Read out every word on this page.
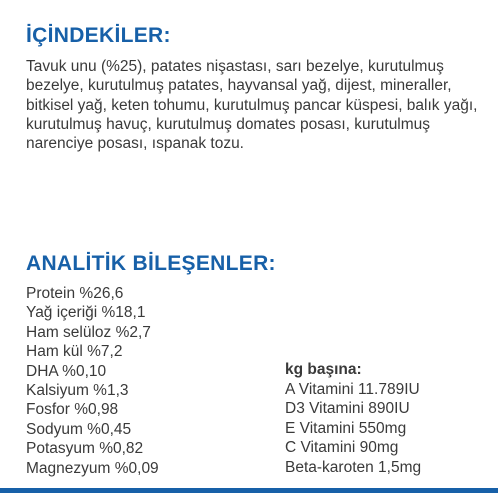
İÇİNDEKİLER:

Tavuk unu (%25), patates nişastası, sarı bezelye, kurutulmuş bezelye, kurutulmuş patates, hayvansal yağ, dijest, mineraller, bitkisel yağ, keten tohumu, kurutulmuş pancar küspesi, balık yağı, kurutulmuş havuç, kurutulmuş domates posası, kurutulmuş narenciye posası, ıspanak tozu.

ANALİTİK BİLEŞENLER:
Protein %26,6
Yağ içeriği %18,1
Ham selüloz %2,7
Ham kül %7,2
DHA %0,10
Kalsiyum %1,3
Fosfor %0,98
Sodyum %0,45
Potasyum %0,82
Magnezyum %0,09

kg başına:

A Vitamini 11.789IU
D3 Vitamini 890IU
E Vitamini 550mg
C Vitamini 90mg
Beta-karoten 1,5mg
